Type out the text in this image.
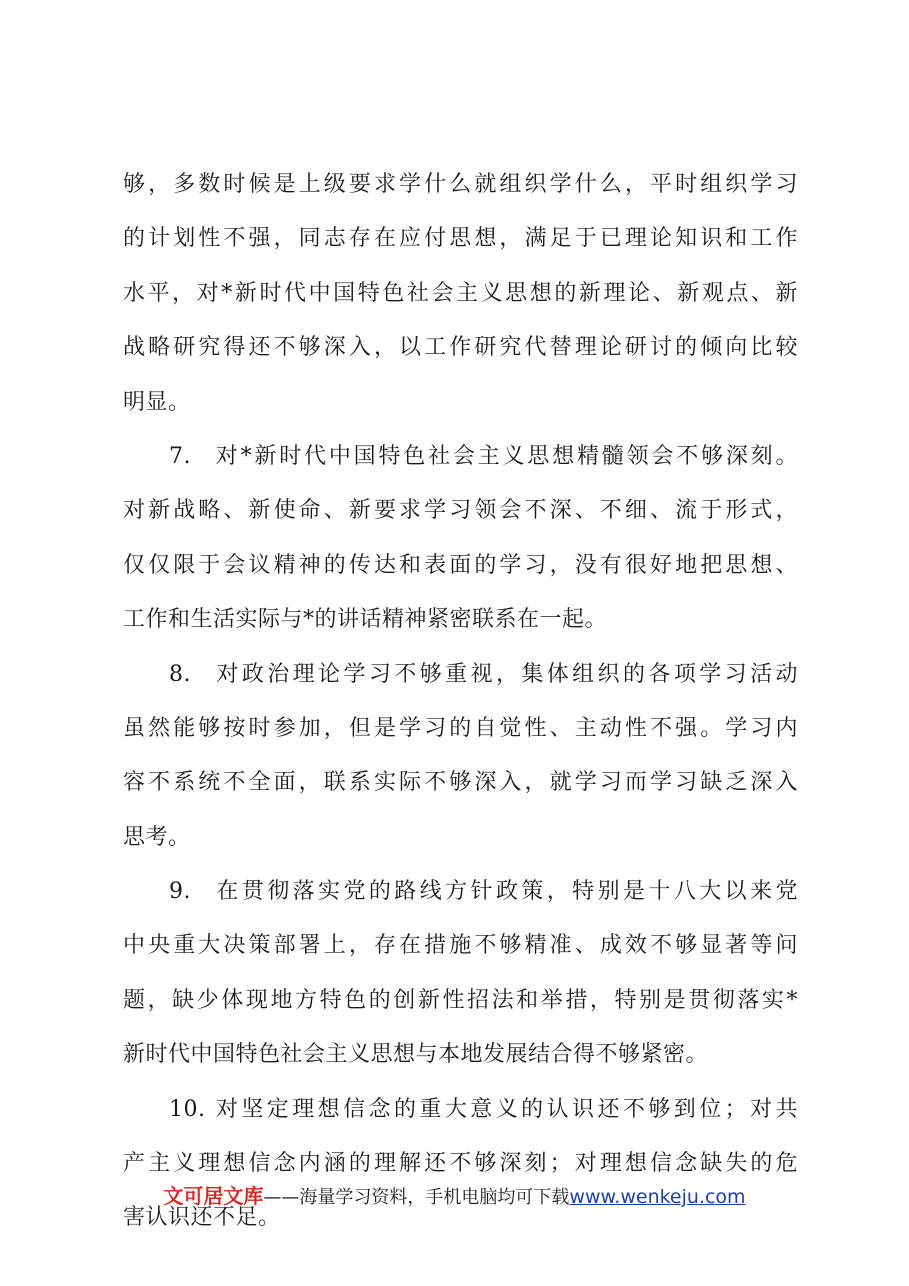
够，多数时候是上级要求学什么就组织学什么，平时组织学习
的计划性不强，同志存在应付思想，满足于已理论知识和工作
水平，对*新时代中国特色社会主义思想的新理论、新观点、新
战略研究得还不够深入，以工作研究代替理论研讨的倾向比较
明显。
7. 对*新时代中国特色社会主义思想精髓领会不够深刻。
对新战略、新使命、新要求学习领会不深、不细、流于形式，
仅仅限于会议精神的传达和表面的学习，没有很好地把思想、
工作和生活实际与*的讲话精神紧密联系在一起。
8. 对政治理论学习不够重视，集体组织的各项学习活动
虽然能够按时参加，但是学习的自觉性、主动性不强。学习内
容不系统不全面，联系实际不够深入，就学习而学习缺乏深入
思考。
9. 在贯彻落实党的路线方针政策，特别是十八大以来党
中央重大决策部署上，存在措施不够精准、成效不够显著等问
题，缺少体现地方特色的创新性招法和举措，特别是贯彻落实*
新时代中国特色社会主义思想与本地发展结合得不够紧密。
10. 对坚定理想信念的重大意义的认识还不够到位；对共
产主义理想信念内涵的理解还不够深刻；对理想信念缺失的危
害认识还不足。
文可居文库——海量学习资料，手机电脑均可下载www.wenkeju.com
